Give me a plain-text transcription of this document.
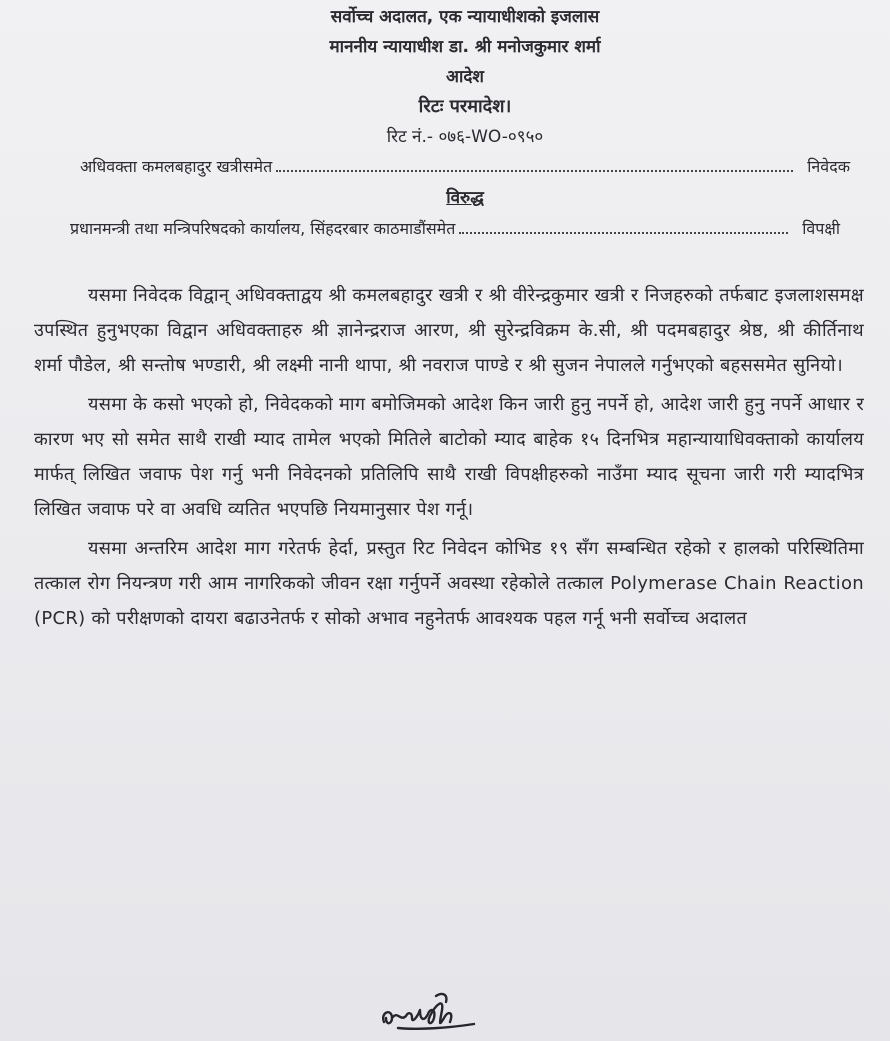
सर्वोच्च अदालत, एक न्यायाधीशको इजलास
माननीय न्यायाधीश डा. श्री मनोजकुमार शर्मा
आदेश
रिटः परमादेश।
रिट नं.- ०७६-WO-०९५०
अधिवक्ता कमलबहादुर खत्रीसमेत	निवेदक
विरुद्ध
प्रधानमन्त्री तथा मन्त्रिपरिषदको कार्यालय, सिंहदरबार काठमाडौंसमेत	विपक्षी

यसमा निवेदक विद्वान् अधिवक्ताद्वय श्री कमलबहादुर खत्री र श्री वीरेन्द्रकुमार खत्री र निजहरुको तर्फबाट इजलाशसमक्ष उपस्थित हुनुभएका विद्वान अधिवक्ताहरु श्री ज्ञानेन्द्रराज आरण, श्री सुरेन्द्रविक्रम के.सी, श्री पदमबहादुर श्रेष्ठ, श्री कीर्तिनाथ शर्मा पौडेल, श्री सन्तोष भण्डारी, श्री लक्ष्मी नानी थापा, श्री नवराज पाण्डे र श्री सुजन नेपालले गर्नुभएको बहससमेत सुनियो।

यसमा के कसो भएको हो, निवेदकको माग बमोजिमको आदेश किन जारी हुनु नपर्ने हो, आदेश जारी हुनु नपर्ने आधार र कारण भए सो समेत साथै राखी म्याद तामेल भएको मितिले बाटोको म्याद बाहेक १५ दिनभित्र महान्यायाधिवक्ताको कार्यालय मार्फत् लिखित जवाफ पेश गर्नु भनी निवेदनको प्रतिलिपि साथै राखी विपक्षीहरुको नाउँमा म्याद सूचना जारी गरी म्यादभित्र लिखित जवाफ परे वा अवधि व्यतित भएपछि नियमानुसार पेश गर्नू।

यसमा अन्तरिम आदेश माग गरेतर्फ हेर्दा, प्रस्तुत रिट निवेदन कोभिड १९ सँग सम्बन्धित रहेको र हालको परिस्थितिमा तत्काल रोग नियन्त्रण गरी आम नागरिकको जीवन रक्षा गर्नुपर्ने अवस्था रहेकोले तत्काल Polymerase Chain Reaction (PCR) को परीक्षणको दायरा बढाउनेतर्फ र सोको अभाव नहुनेतर्फ आवश्यक पहल गर्नू भनी सर्वोच्च अदालत
